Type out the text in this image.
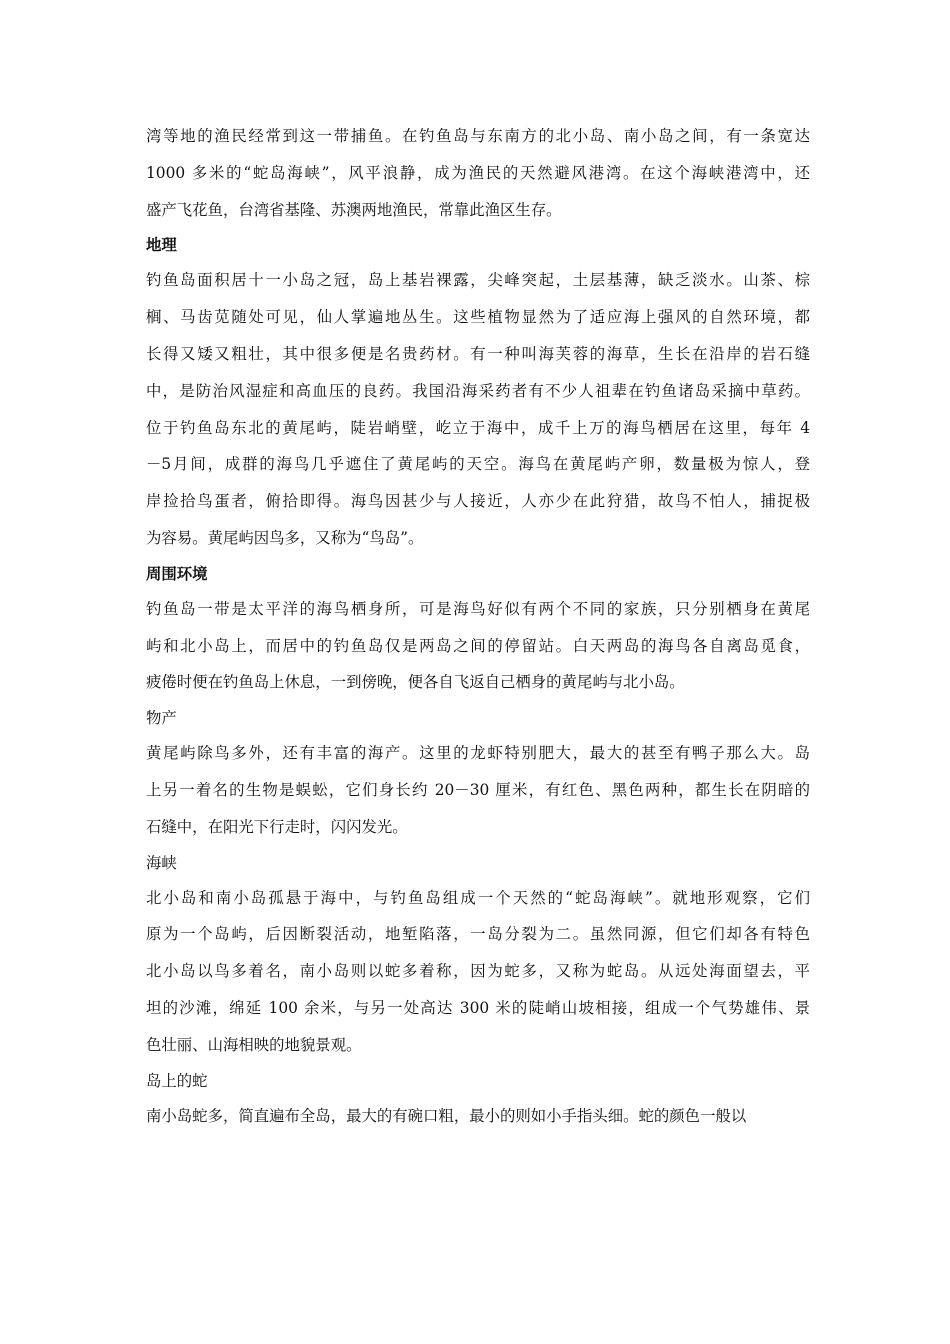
湾等地的渔民经常到这一带捕鱼。在钓鱼岛与东南方的北小岛、南小岛之间，有一条宽达
1000 多米的“蛇岛海峡”，风平浪静，成为渔民的天然避风港湾。在这个海峡港湾中，还
盛产飞花鱼，台湾省基隆、苏澳两地渔民，常靠此渔区生存。
地理
钓鱼岛面积居十一小岛之冠，岛上基岩裸露，尖峰突起，土层基薄，缺乏淡水。山茶、棕
榈、马齿苋随处可见，仙人掌遍地丛生。这些植物显然为了适应海上强风的自然环境，都
长得又矮又粗壮，其中很多便是名贵药材。有一种叫海芙蓉的海草，生长在沿岸的岩石缝
中，是防治风湿症和高血压的良药。我国沿海采药者有不少人祖辈在钓鱼诸岛采摘中草药。
位于钓鱼岛东北的黄尾屿，陡岩峭壁，屹立于海中，成千上万的海鸟栖居在这里，每年 4
－5月间，成群的海鸟几乎遮住了黄尾屿的天空。海鸟在黄尾屿产卵，数量极为惊人，登
岸捡拾鸟蛋者，俯拾即得。海鸟因甚少与人接近，人亦少在此狩猎，故鸟不怕人，捕捉极
为容易。黄尾屿因鸟多，又称为“鸟岛”。
周围环境
钓鱼岛一带是太平洋的海鸟栖身所，可是海鸟好似有两个不同的家族，只分别栖身在黄尾
屿和北小岛上，而居中的钓鱼岛仅是两岛之间的停留站。白天两岛的海鸟各自离岛觅食，
疲倦时便在钓鱼岛上休息，一到傍晚，便各自飞返自己栖身的黄尾屿与北小岛。
物产
黄尾屿除鸟多外，还有丰富的海产。这里的龙虾特别肥大，最大的甚至有鸭子那么大。岛
上另一着名的生物是蜈蚣，它们身长约 20－30 厘米，有红色、黑色两种，都生长在阴暗的
石缝中，在阳光下行走时，闪闪发光。
海峡
北小岛和南小岛孤悬于海中，与钓鱼岛组成一个天然的“蛇岛海峡”。就地形观察，它们
原为一个岛屿，后因断裂活动，地堑陷落，一岛分裂为二。虽然同源，但它们却各有特色
北小岛以鸟多着名，南小岛则以蛇多着称，因为蛇多，又称为蛇岛。从远处海面望去，平
坦的沙滩，绵延 100 余米，与另一处高达 300 米的陡峭山坡相接，组成一个气势雄伟、景
色壮丽、山海相映的地貌景观。
岛上的蛇
南小岛蛇多，简直遍布全岛，最大的有碗口粗，最小的则如小手指头细。蛇的颜色一般以
